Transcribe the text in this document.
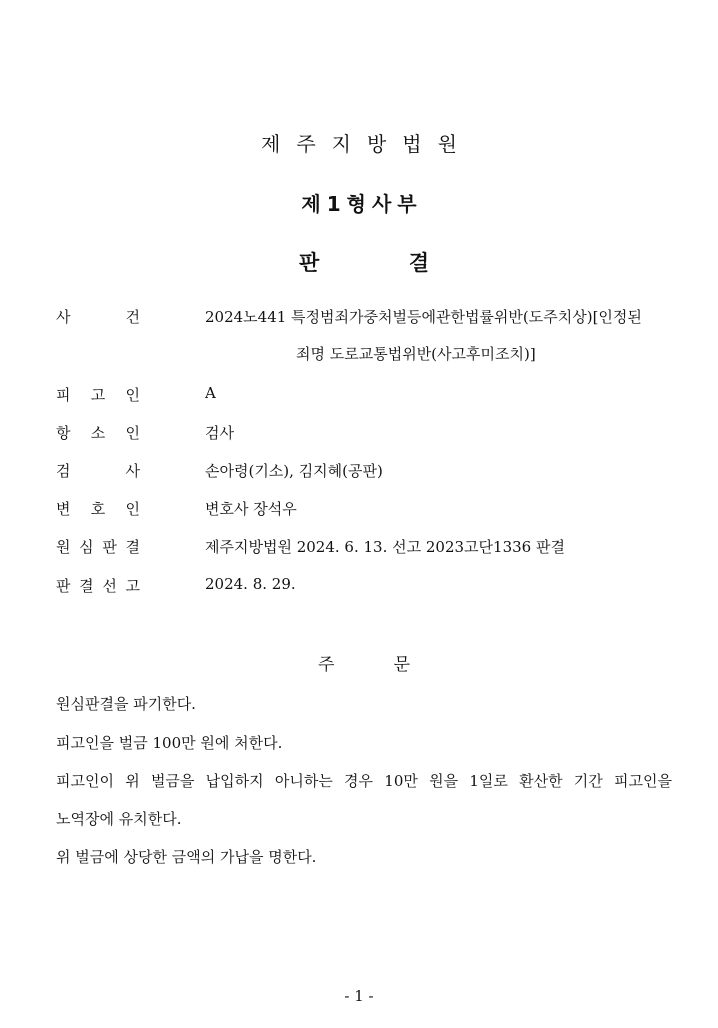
제주지방법원
제1형사부
판	결
사	건	2024노441 특정범죄가중처벌등에관한법률위반(도주치상)[인정된
죄명 도로교통법위반(사고후미조치)]
피 고 인	A
항 소 인	검사
검	사	손아령(기소), 김지혜(공판)
변 호 인	변호사 장석우
원 심 판 결	제주지방법원 2024. 6. 13. 선고 2023고단1336 판결
판 결 선 고	2024. 8. 29.
주	문
원심판결을 파기한다.
피고인을 벌금 100만 원에 처한다.
피고인이 위 벌금을 납입하지 아니하는 경우 10만 원을 1일로 환산한 기간 피고인을
노역장에 유치한다.
위 벌금에 상당한 금액의 가납을 명한다.
- 1 -
